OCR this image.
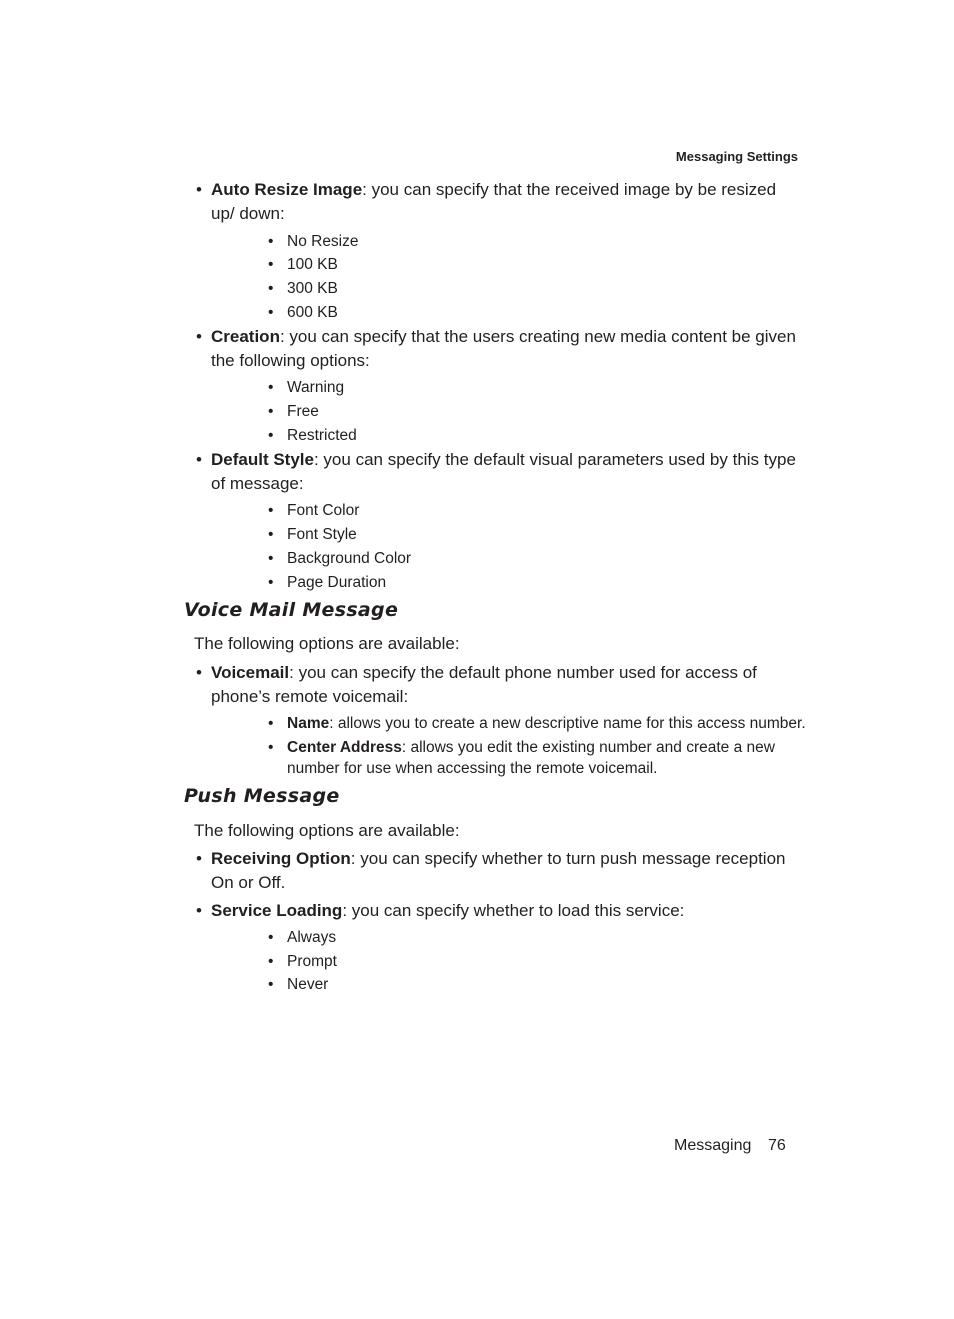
Messaging Settings
• Auto Resize Image: you can specify that the received image by be resized up/ down:
• No Resize
• 100 KB
• 300 KB
• 600 KB
• Creation: you can specify that the users creating new media content be given the following options:
• Warning
• Free
• Restricted
• Default Style: you can specify the default visual parameters used by this type of message:
• Font Color
• Font Style
• Background Color
• Page Duration
Voice Mail Message
The following options are available:
• Voicemail: you can specify the default phone number used for access of phone’s remote voicemail:
• Name: allows you to create a new descriptive name for this access number.
• Center Address: allows you edit the existing number and create a new number for use when accessing the remote voicemail.
Push Message
The following options are available:
• Receiving Option: you can specify whether to turn push message reception On or Off.
• Service Loading: you can specify whether to load this service:
• Always
• Prompt
• Never
Messaging 76
